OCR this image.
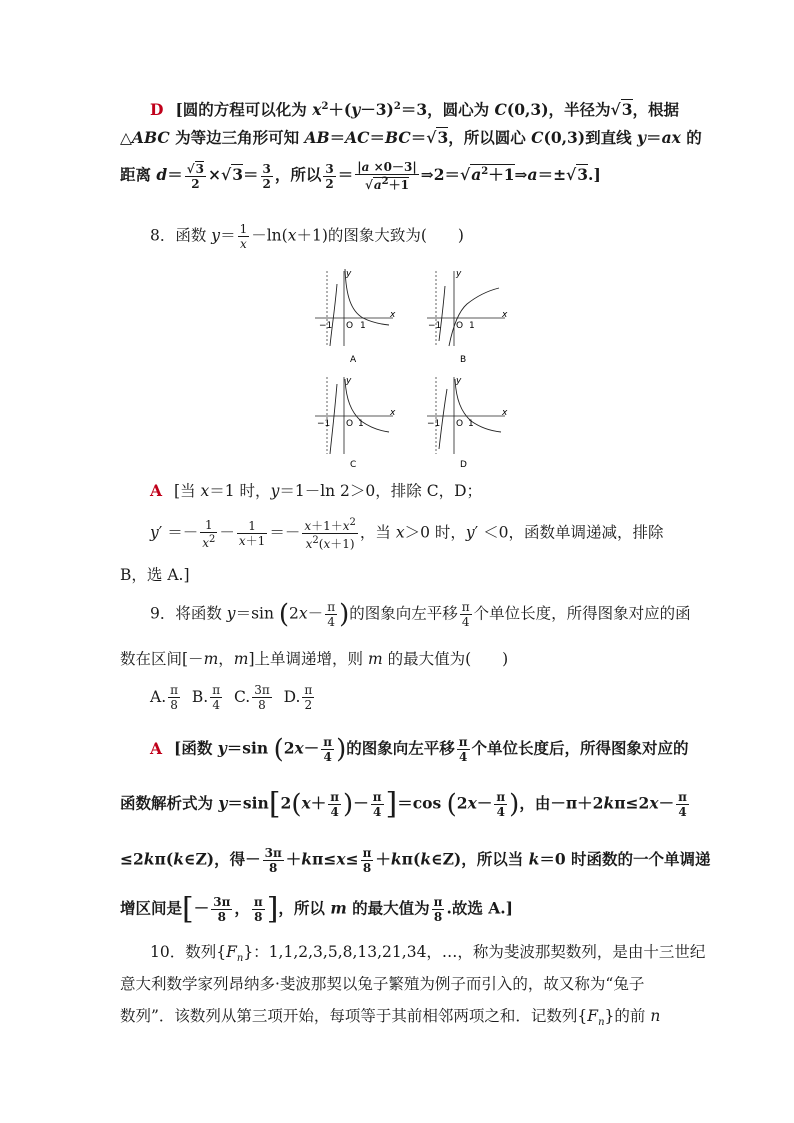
D [圆的方程可以化为 $x^2+(y-3)^2=3$，圆心为 C(0,3)，半径为√3，根据
△ABC 为等边三角形可知 AB＝AC＝BC＝√3，所以圆心 C(0,3)到直线 y＝ax 的
距离 $d= \frac{√3}{2} \times√3= \frac{3}{2}$ ，所以 $\frac{3}{2} = \frac{|a \times 0-3|}{√a^2+1}$ $\Rightarrow 2=√a^2+1\Rightarrow a=\pm√3$.]
8．函数 $y= \frac{1}{x} -\ln(x+1)$的图象大致为(　　)
x
y
−1 O 1
A
x
y
−1 O 1
B
x
y
−1 O 1
C
x
y
−1 O 1
D
A [当 x＝1 时，y＝1－ln 2＞0，排除 C，D；
$y' =- \frac{1}{x^2} - \frac{1}{x+1} =- \frac{x+1+x^2}{x^2(x+1)}$ ，当 x＞0 时，y′ ＜0，函数单调递减，排除
B，选 A.]
9．将函数 y＝sin ($2x- \frac{\pi}{4}$ )的图象向左平移 $\frac{\pi}{4}$ 个单位长度，所得图象对应的函
数在区间[－m，m]上单调递增，则 m 的最大值为(　　)
A. $\frac{\pi}{8} B$. $\frac{\pi}{4} C$. $\frac{3\pi}{8} D$. $\frac{\pi}{2}$
A [函数 y＝sin ($2x- \frac{\pi}{4}$ )的图象向左平移 $\frac{\pi}{4}$ 个单位长度后，所得图象对应的
函数解析式为 $y=\sin[2(x+ \frac{\pi}{4}$ )－ $\frac{\pi}{4} ]=\cos$ ($2x- \frac{\pi}{4}$ )，由$-\pi+2k\pi\le 2x- \frac{\pi}{4}$
≤2kπ(k∈Z)，得－ $\frac{3\pi}{8} +k\pi\le x\le \frac{\pi}{8}$ ＋kπ(k∈Z)，所以当 k＝0 时函数的一个单调递
增区间是[－ $\frac{3\pi}{8}$ ， $\frac{\pi}{8}$ ]，所以 m 的最大值为 $\frac{\pi}{8}$ .故选 A.]
10．数列$\{F_n\}$：1,1,2,3,5,8,13,21,34，…，称为斐波那契数列，是由十三世纪
意大利数学家列昂纳多·斐波那契以兔子繁殖为例子而引入的，故又称为“兔子
数列”．该数列从第三项开始，每项等于其前相邻两项之和．记数列$\{F_n\}$的前 n
